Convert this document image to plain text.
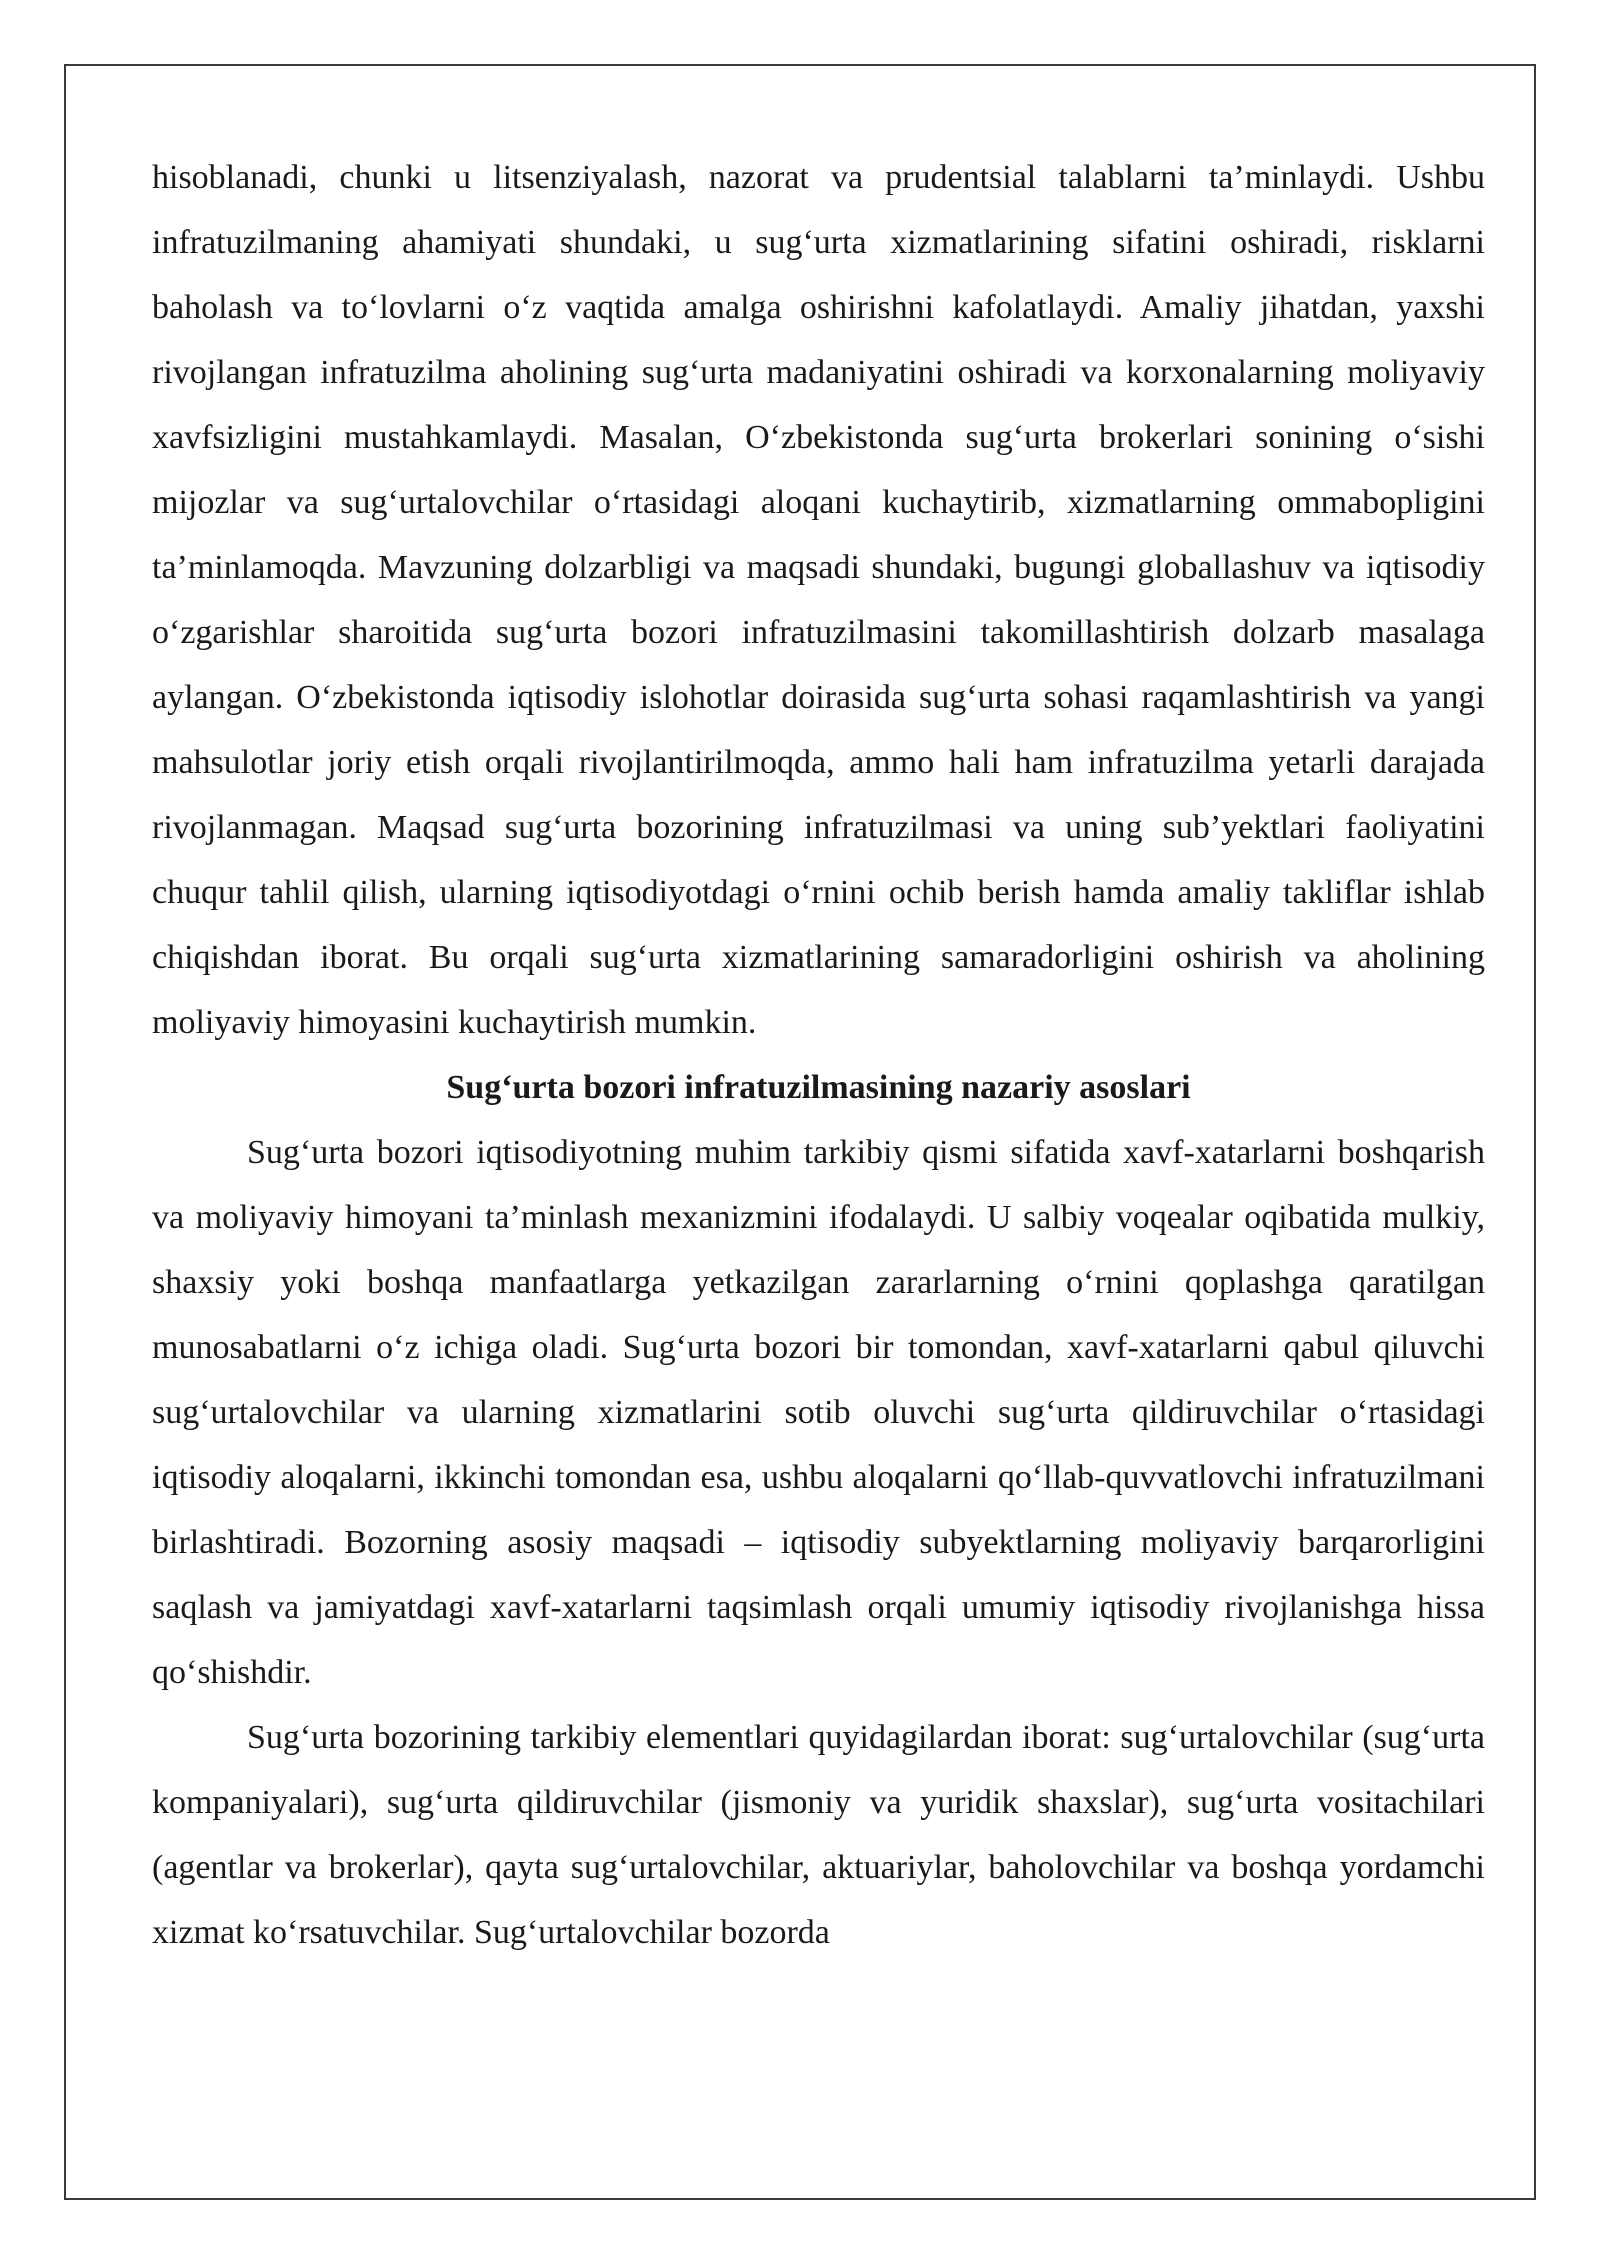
hisoblanadi, chunki u litsenziyalash, nazorat va prudentsial talablarni ta’minlaydi. Ushbu infratuzilmaning ahamiyati shundaki, u sug‘urta xizmatlarining sifatini oshiradi, risklarni baholash va to‘lovlarni o‘z vaqtida amalga oshirishni kafolatlaydi. Amaliy jihatdan, yaxshi rivojlangan infratuzilma aholining sug‘urta madaniyatini oshiradi va korxonalarning moliyaviy xavfsizligini mustahkamlaydi. Masalan, O‘zbekistonda sug‘urta brokerlari sonining o‘sishi mijozlar va sug‘urtalovchilar o‘rtasidagi aloqani kuchaytirib, xizmatlarning ommabopligini ta’minlamoqda. Mavzuning dolzarbligi va maqsadi shundaki, bugungi globallashuv va iqtisodiy o‘zgarishlar sharoitida sug‘urta bozori infratuzilmasini takomillashtirish dolzarb masalaga aylangan. O‘zbekistonda iqtisodiy islohotlar doirasida sug‘urta sohasi raqamlashtirish va yangi mahsulotlar joriy etish orqali rivojlantirilmoqda, ammo hali ham infratuzilma yetarli darajada rivojlanmagan. Maqsad sug‘urta bozorining infratuzilmasi va uning sub’yektlari faoliyatini chuqur tahlil qilish, ularning iqtisodiyotdagi o‘rnini ochib berish hamda amaliy takliflar ishlab chiqishdan iborat. Bu orqali sug‘urta xizmatlarining samaradorligini oshirish va aholining moliyaviy himoyasini kuchaytirish mumkin.

Sug‘urta bozori infratuzilmasining nazariy asoslari

Sug‘urta bozori iqtisodiyotning muhim tarkibiy qismi sifatida xavf-xatarlarni boshqarish va moliyaviy himoyani ta’minlash mexanizmini ifodalaydi. U salbiy voqealar oqibatida mulkiy, shaxsiy yoki boshqa manfaatlarga yetkazilgan zararlarning o‘rnini qoplashga qaratilgan munosabatlarni o‘z ichiga oladi. Sug‘urta bozori bir tomondan, xavf-xatarlarni qabul qiluvchi sug‘urtalovchilar va ularning xizmatlarini sotib oluvchi sug‘urta qildiruvchilar o‘rtasidagi iqtisodiy aloqalarni, ikkinchi tomondan esa, ushbu aloqalarni qo‘llab-quvvatlovchi infratuzilmani birlashtiradi. Bozorning asosiy maqsadi – iqtisodiy subyektlarning moliyaviy barqarorligini saqlash va jamiyatdagi xavf-xatarlarni taqsimlash orqali umumiy iqtisodiy rivojlanishga hissa qo‘shishdir.

Sug‘urta bozorining tarkibiy elementlari quyidagilardan iborat: sug‘urtalovchilar (sug‘urta kompaniyalari), sug‘urta qildiruvchilar (jismoniy va yuridik shaxslar), sug‘urta vositachilari (agentlar va brokerlar), qayta sug‘urtalovchilar, aktuariylar, baholovchilar va boshqa yordamchi xizmat ko‘rsatuvchilar. Sug‘urtalovchilar bozorda
